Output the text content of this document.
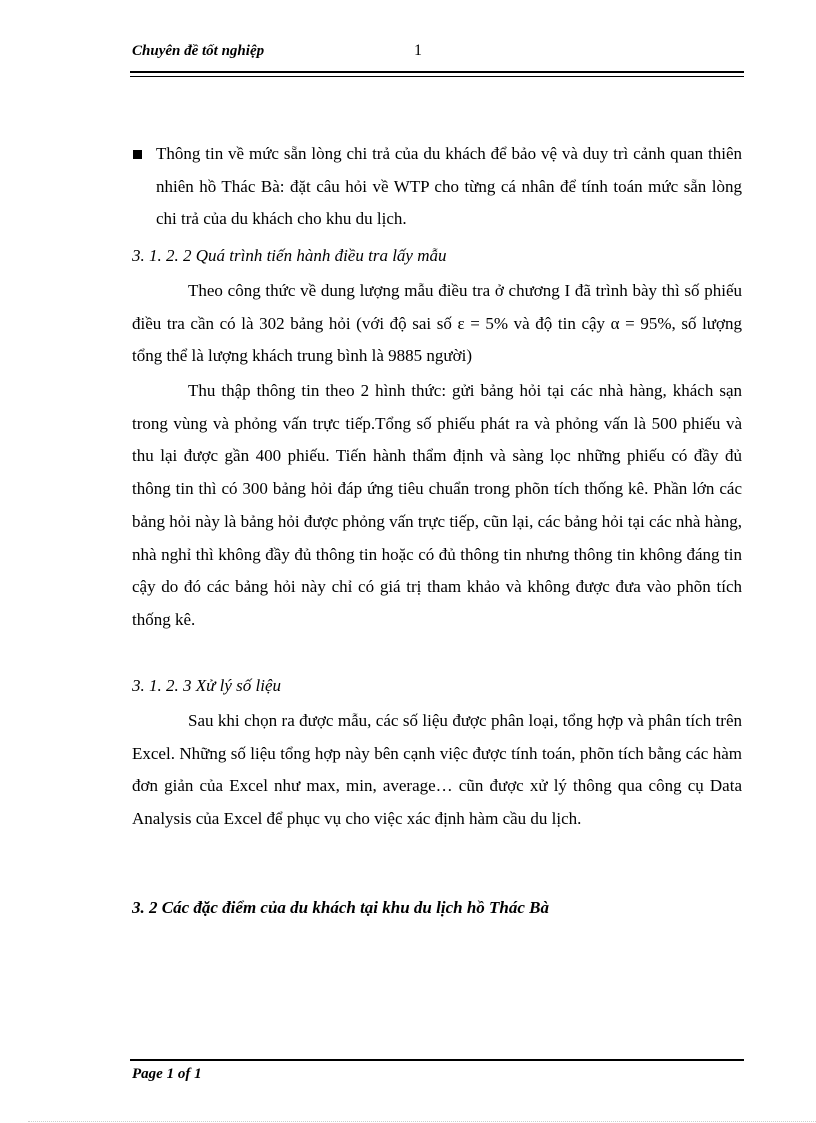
Chuyên đề tốt nghiệp	1
Thông tin về mức sẵn lòng chi trả của du khách để bảo vệ và duy trì cảnh quan thiên nhiên hồ Thác Bà: đặt câu hỏi về WTP cho từng cá nhân để tính toán mức sẵn lòng chi trả của du khách cho khu du lịch.
3. 1. 2. 2 Quá trình tiến hành điều tra lấy mẫu
Theo công thức về dung lượng mẫu điều tra ở chương I đã trình bày thì số phiếu điều tra cần có là 302 bảng hỏi (với độ sai số ε = 5% và độ tin cậy α = 95%, số lượng tổng thể là lượng khách trung bình là 9885 người)
Thu thập thông tin theo 2 hình thức: gửi bảng hỏi tại các nhà hàng, khách sạn trong vùng và phỏng vấn trực tiếp.Tổng số phiếu phát ra và phỏng vấn là 500 phiếu và thu lại được gần 400 phiếu. Tiến hành thẩm định và sàng lọc những phiếu có đầy đủ thông tin thì có 300 bảng hỏi đáp ứng tiêu chuẩn trong phõn tích thống kê. Phần lớn các bảng hỏi này là bảng hỏi được phỏng vấn trực tiếp, cũn lại, các bảng hỏi tại các nhà hàng, nhà nghỉ thì không đầy đủ thông tin hoặc có đủ thông tin nhưng thông tin không đáng tin cậy do đó các bảng hỏi này chỉ có giá trị tham khảo và không được đưa vào phõn tích thống kê.
3. 1. 2. 3 Xử lý số liệu
Sau khi chọn ra được mẫu, các số liệu được phân loại, tổng hợp và phân tích trên Excel. Những số liệu tổng hợp này bên cạnh việc được tính toán, phõn tích bằng các hàm đơn giản của Excel như max, min, average… cũn được xử lý thông qua công cụ Data Analysis của Excel để phục vụ cho việc xác định hàm cầu du lịch.
3. 2 Các đặc điểm của du khách tại khu du lịch hồ Thác Bà
Page 1 of 1
